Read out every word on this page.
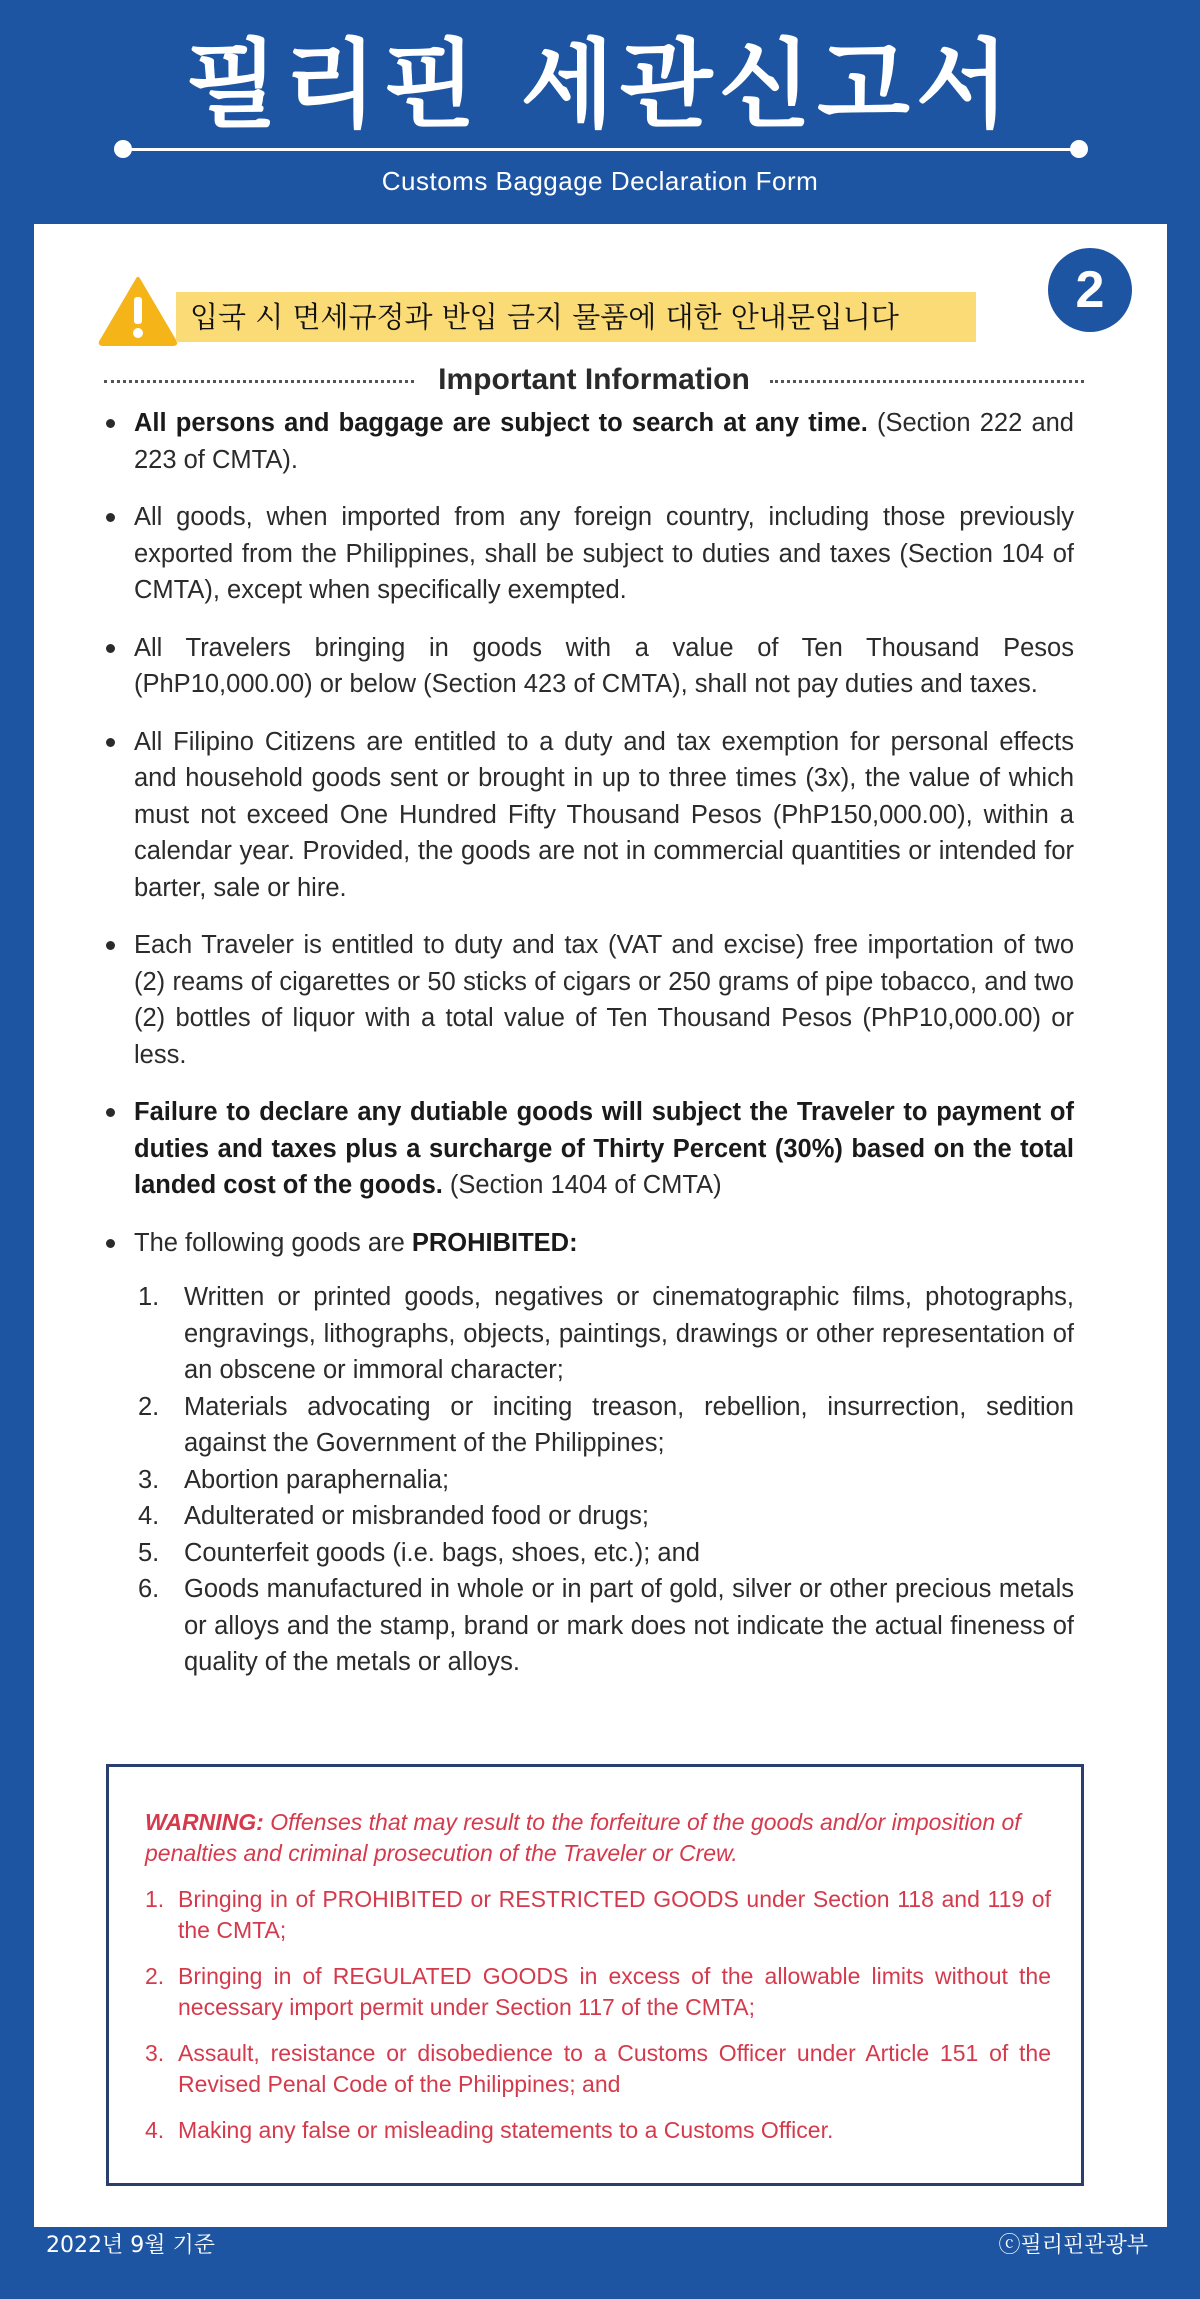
필리핀 세관신고서
Customs Baggage Declaration Form
2
입국 시 면세규정과 반입 금지 물품에 대한 안내문입니다
Important Information
All persons and baggage are subject to search at any time. (Section 222 and 223 of CMTA).
All goods, when imported from any foreign country, including those previously exported from the Philippines, shall be subject to duties and taxes (Section 104 of CMTA), except when specifically exempted.
All Travelers bringing in goods with a value of Ten Thousand Pesos (PhP10,000.00) or below (Section 423 of CMTA), shall not pay duties and taxes.
All Filipino Citizens are entitled to a duty and tax exemption for personal effects and household goods sent or brought in up to three times (3x), the value of which must not exceed One Hundred Fifty Thousand Pesos (PhP150,000.00), within a calendar year. Provided, the goods are not in commercial quantities or intended for barter, sale or hire.
Each Traveler is entitled to duty and tax (VAT and excise) free importation of two (2) reams of cigarettes or 50 sticks of cigars or 250 grams of pipe tobacco, and two (2) bottles of liquor with a total value of Ten Thousand Pesos (PhP10,000.00) or less.
Failure to declare any dutiable goods will subject the Traveler to payment of duties and taxes plus a surcharge of Thirty Percent (30%) based on the total landed cost of the goods. (Section 1404 of CMTA)
The following goods are PROHIBITED:
1. Written or printed goods, negatives or cinematographic films, photographs, engravings, lithographs, objects, paintings, drawings or other representation of an obscene or immoral character;
2. Materials advocating or inciting treason, rebellion, insurrection, sedition against the Government of the Philippines;
3. Abortion paraphernalia;
4. Adulterated or misbranded food or drugs;
5. Counterfeit goods (i.e. bags, shoes, etc.); and
6. Goods manufactured in whole or in part of gold, silver or other precious metals or alloys and the stamp, brand or mark does not indicate the actual fineness of quality of the metals or alloys.
WARNING: Offenses that may result to the forfeiture of the goods and/or imposition of penalties and criminal prosecution of the Traveler or Crew.
1. Bringing in of PROHIBITED or RESTRICTED GOODS under Section 118 and 119 of the CMTA;
2. Bringing in of REGULATED GOODS in excess of the allowable limits without the necessary import permit under Section 117 of the CMTA;
3. Assault, resistance or disobedience to a Customs Officer under Article 151 of the Revised Penal Code of the Philippines; and
4. Making any false or misleading statements to a Customs Officer.
2022년 9월 기준	ⓒ필리핀관광부
